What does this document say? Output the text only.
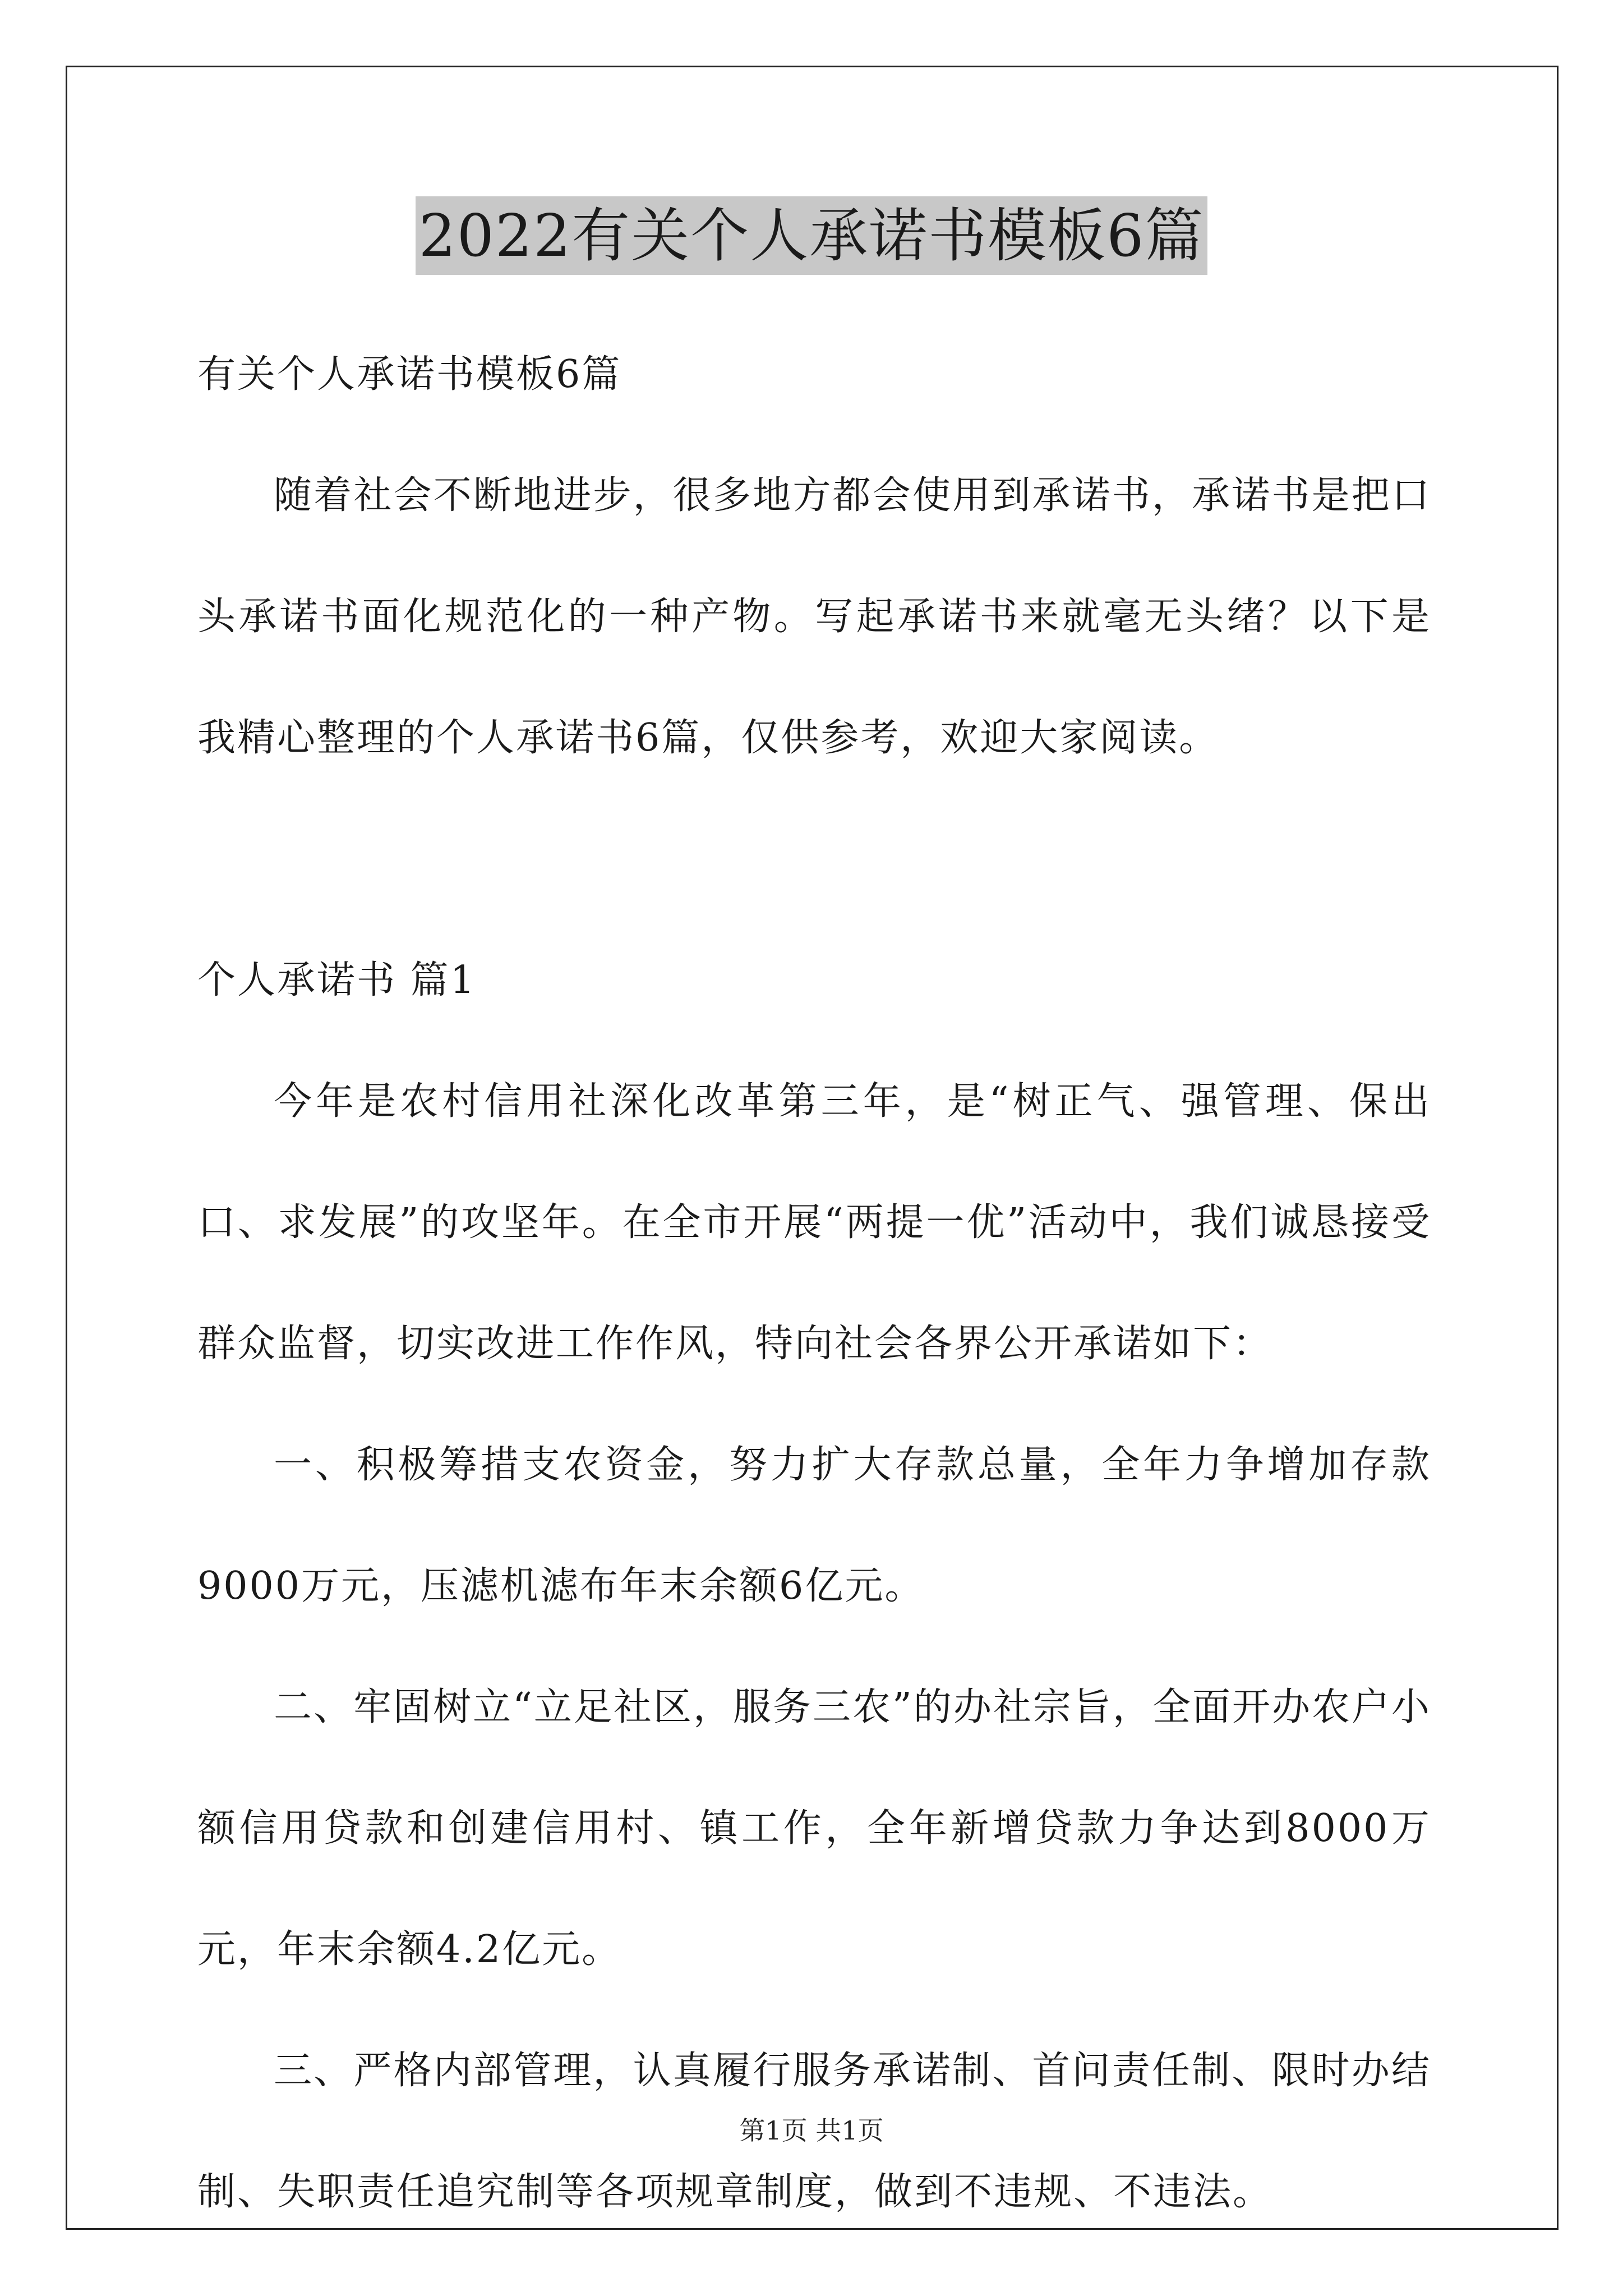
2022有关个人承诺书模板6篇

有关个人承诺书模板6篇

随着社会不断地进步，很多地方都会使用到承诺书，承诺书是把口头承诺书面化规范化的一种产物。写起承诺书来就毫无头绪？以下是我精心整理的个人承诺书6篇，仅供参考，欢迎大家阅读。

个人承诺书 篇1

今年是农村信用社深化改革第三年，是“树正气、强管理、保出口、求发展”的攻坚年。在全市开展“两提一优”活动中，我们诚恳接受群众监督，切实改进工作作风，特向社会各界公开承诺如下：

一、积极筹措支农资金，努力扩大存款总量，全年力争增加存款9000万元，压滤机滤布年末余额6亿元。

二、牢固树立“立足社区，服务三农”的办社宗旨，全面开办农户小额信用贷款和创建信用村、镇工作，全年新增贷款力争达到8000万元，年末余额4.2亿元。

三、严格内部管理，认真履行服务承诺制、首问责任制、限时办结制、失职责任追究制等各项规章制度，做到不违规、不违法。

第1页 共1页
